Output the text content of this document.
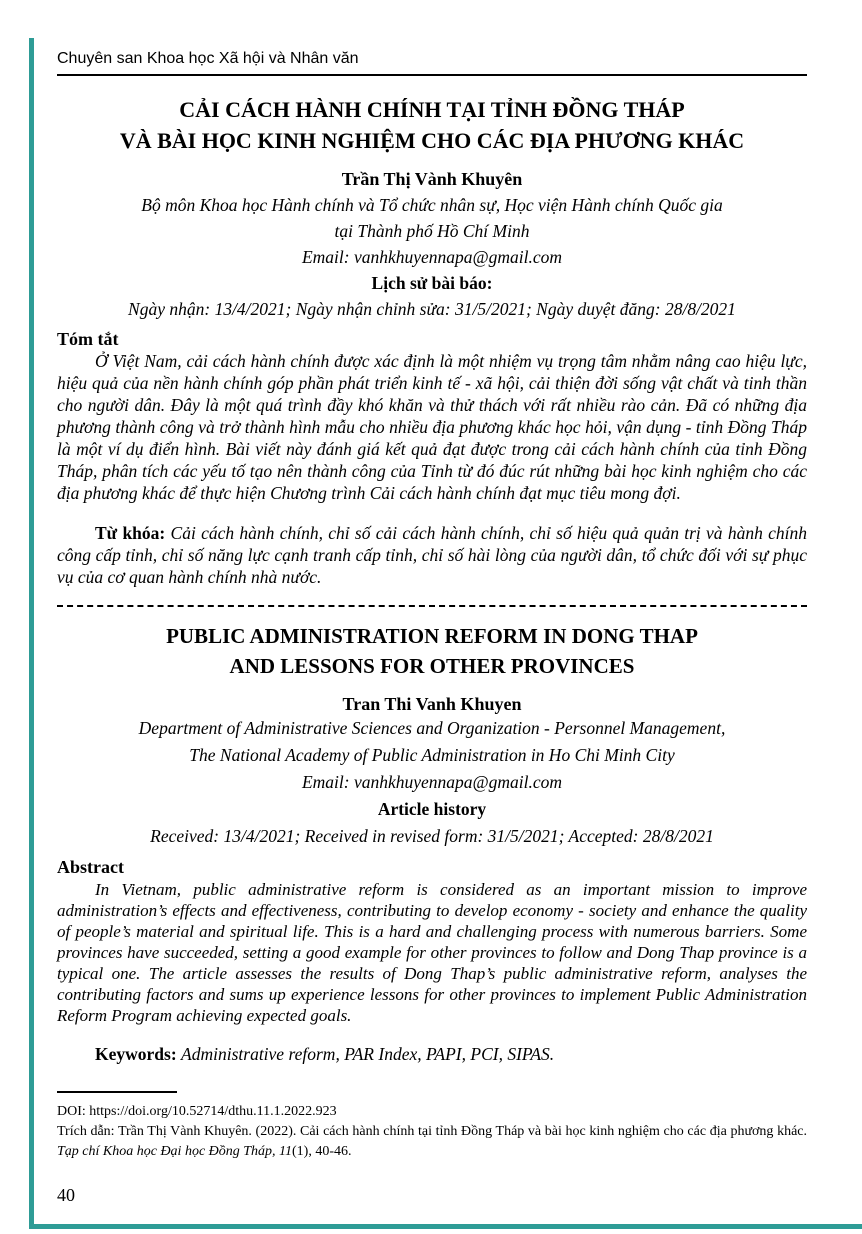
Chuyên san Khoa học Xã hội và Nhân văn
CẢI CÁCH HÀNH CHÍNH TẠI TỈNH ĐỒNG THÁP
VÀ BÀI HỌC KINH NGHIỆM CHO CÁC ĐỊA PHƯƠNG KHÁC
Trần Thị Vành Khuyên
Bộ môn Khoa học Hành chính và Tổ chức nhân sự, Học viện Hành chính Quốc gia
tại Thành phố Hồ Chí Minh
Email: vanhkhuyennapa@gmail.com
Lịch sử bài báo:
Ngày nhận: 13/4/2021; Ngày nhận chỉnh sửa: 31/5/2021; Ngày duyệt đăng: 28/8/2021
Tóm tắt

Ở Việt Nam, cải cách hành chính được xác định là một nhiệm vụ trọng tâm nhằm nâng cao hiệu lực, hiệu quả của nền hành chính góp phần phát triển kinh tế - xã hội, cải thiện đời sống vật chất và tinh thần cho người dân. Đây là một quá trình đầy khó khăn và thử thách với rất nhiều rào cản. Đã có những địa phương thành công và trở thành hình mẫu cho nhiều địa phương khác học hỏi, vận dụng - tỉnh Đồng Tháp là một ví dụ điển hình. Bài viết này đánh giá kết quả đạt được trong cải cách hành chính của tỉnh Đồng Tháp, phân tích các yếu tố tạo nên thành công của Tỉnh từ đó đúc rút những bài học kinh nghiệm cho các địa phương khác để thực hiện Chương trình Cải cách hành chính đạt mục tiêu mong đợi.

Từ khóa: Cải cách hành chính, chỉ số cải cách hành chính, chỉ số hiệu quả quản trị và hành chính công cấp tỉnh, chỉ số năng lực cạnh tranh cấp tỉnh, chỉ số hài lòng của người dân, tổ chức đối với sự phục vụ của cơ quan hành chính nhà nước.

PUBLIC ADMINISTRATION REFORM IN DONG THAP
AND LESSONS FOR OTHER PROVINCES
Tran Thi Vanh Khuyen
Department of Administrative Sciences and Organization - Personnel Management,
The National Academy of Public Administration in Ho Chi Minh City
Email: vanhkhuyennapa@gmail.com
Article history
Received: 13/4/2021; Received in revised form: 31/5/2021; Accepted: 28/8/2021
Abstract

In Vietnam, public administrative reform is considered as an important mission to improve administration’s effects and effectiveness, contributing to develop economy - society and enhance the quality of people’s material and spiritual life. This is a hard and challenging process with numerous barriers. Some provinces have succeeded, setting a good example for other provinces to follow and Dong Thap province is a typical one. The article assesses the results of Dong Thap’s public administrative reform, analyses the contributing factors and sums up experience lessons for other provinces to implement Public Administration Reform Program achieving expected goals.

Keywords: Administrative reform, PAR Index, PAPI, PCI, SIPAS.

DOI: https://doi.org/10.52714/dthu.11.1.2022.923

Trích dẫn: Trần Thị Vành Khuyên. (2022). Cải cách hành chính tại tỉnh Đồng Tháp và bài học kinh nghiệm cho các địa phương khác. Tạp chí Khoa học Đại học Đồng Tháp, 11(1), 40-46.

40
